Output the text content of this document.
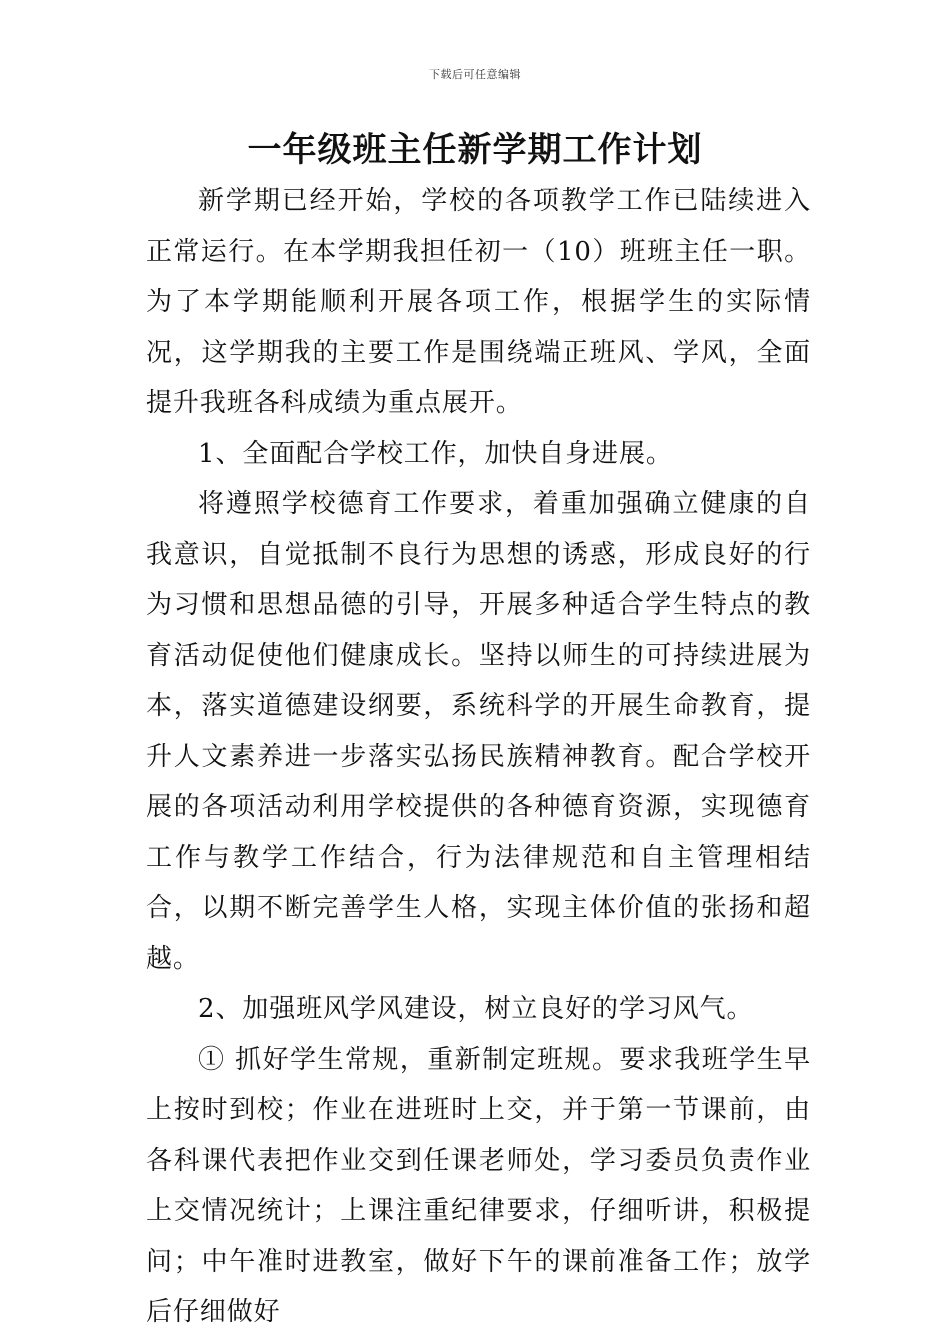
下载后可任意编辑
一年级班主任新学期工作计划

新学期已经开始，学校的各项教学工作已陆续进入正常运行。在本学期我担任初一（10）班班主任一职。为了本学期能顺利开展各项工作，根据学生的实际情况，这学期我的主要工作是围绕端正班风、学风，全面提升我班各科成绩为重点展开。

1、全面配合学校工作，加快自身进展。

将遵照学校德育工作要求，着重加强确立健康的自我意识，自觉抵制不良行为思想的诱惑，形成良好的行为习惯和思想品德的引导，开展多种适合学生特点的教育活动促使他们健康成长。坚持以师生的可持续进展为本，落实道德建设纲要，系统科学的开展生命教育，提升人文素养进一步落实弘扬民族精神教育。配合学校开展的各项活动利用学校提供的各种德育资源，实现德育工作与教学工作结合，行为法律规范和自主管理相结合，以期不断完善学生人格，实现主体价值的张扬和超越。

2、加强班风学风建设，树立良好的学习风气。

① 抓好学生常规，重新制定班规。要求我班学生早上按时到校；作业在进班时上交，并于第一节课前，由各科课代表把作业交到任课老师处，学习委员负责作业上交情况统计；上课注重纪律要求，仔细听讲，积极提问；中午准时进教室，做好下午的课前准备工作；放学后仔细做好
